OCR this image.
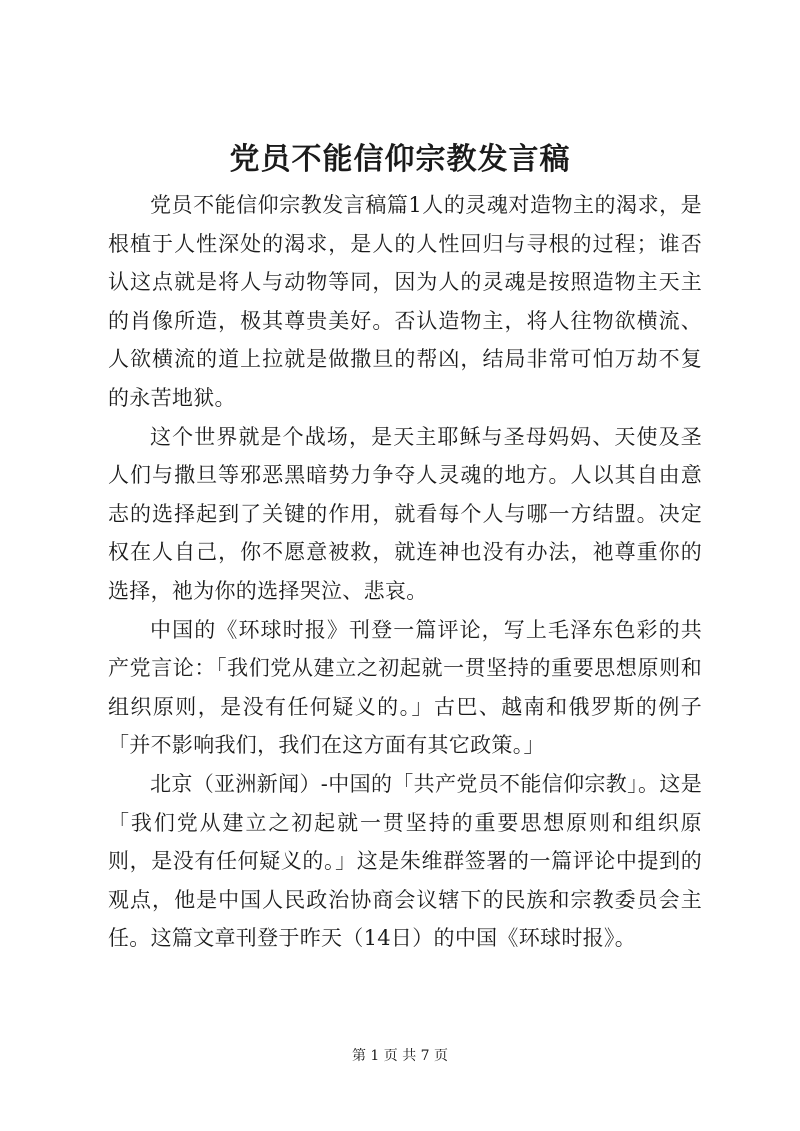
党员不能信仰宗教发言稿

党员不能信仰宗教发言稿篇1人的灵魂对造物主的渴求，是根植于人性深处的渴求，是人的人性回归与寻根的过程；谁否认这点就是将人与动物等同，因为人的灵魂是按照造物主天主的肖像所造，极其尊贵美好。否认造物主，将人往物欲横流、人欲横流的道上拉就是做撒旦的帮凶，结局非常可怕万劫不复的永苦地狱。

这个世界就是个战场，是天主耶稣与圣母妈妈、天使及圣人们与撒旦等邪恶黑暗势力争夺人灵魂的地方。人以其自由意志的选择起到了关键的作用，就看每个人与哪一方结盟。决定权在人自己，你不愿意被救，就连神也没有办法，祂尊重你的选择，祂为你的选择哭泣、悲哀。

中国的《环球时报》刊登一篇评论，写上毛泽东色彩的共产党言论：「我们党从建立之初起就一贯坚持的重要思想原则和组织原则，是没有任何疑义的。」古巴、越南和俄罗斯的例子「并不影响我们，我们在这方面有其它政策。」

北京（亚洲新闻）-中国的「共产党员不能信仰宗教」。这是「我们党从建立之初起就一贯坚持的重要思想原则和组织原则，是没有任何疑义的。」这是朱维群签署的一篇评论中提到的观点，他是中国人民政治协商会议辖下的民族和宗教委员会主任。这篇文章刊登于昨天（14日）的中国《环球时报》。

第 1 页 共 7 页
